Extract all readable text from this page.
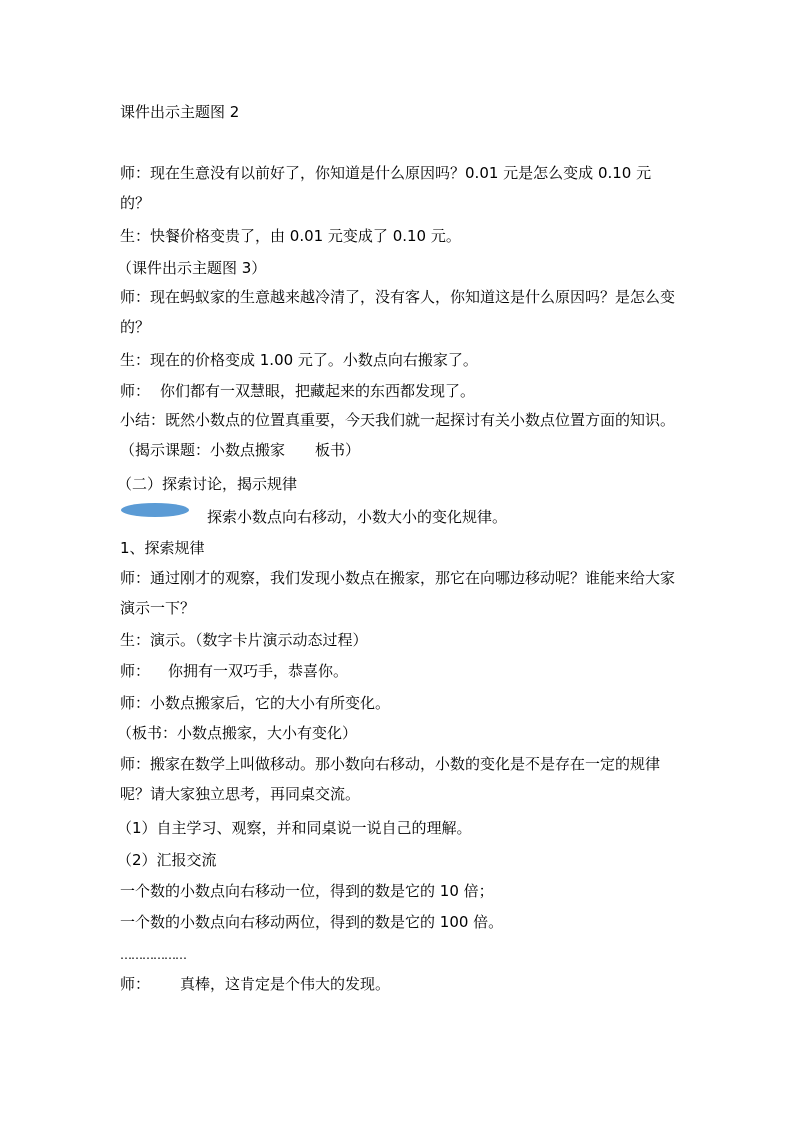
课件出示主题图 2
师：现在生意没有以前好了，你知道是什么原因吗？0.01 元是怎么变成 0.10 元的？
生：快餐价格变贵了，由 0.01 元变成了 0.10 元。
（课件出示主题图 3）
师：现在蚂蚁家的生意越来越冷清了，没有客人，你知道这是什么原因吗？是怎么变的？
生：现在的价格变成 1.00 元了。小数点向右搬家了。
师： 你们都有一双慧眼，把藏起来的东西都发现了。
小结：既然小数点的位置真重要，今天我们就一起探讨有关小数点位置方面的知识。（揭示课题：小数点搬家 板书）
（二）探索讨论，揭示规律
探索小数点向右移动，小数大小的变化规律。
1、探索规律
师：通过刚才的观察，我们发现小数点在搬家，那它在向哪边移动呢？谁能来给大家演示一下？
生：演示。（数字卡片演示动态过程）
师： 你拥有一双巧手，恭喜你。
师：小数点搬家后，它的大小有所变化。
（板书：小数点搬家，大小有变化）
师：搬家在数学上叫做移动。那小数向右移动，小数的变化是不是存在一定的规律呢？请大家独立思考，再同桌交流。
（1）自主学习、观察，并和同桌说一说自己的理解。
（2）汇报交流
一个数的小数点向右移动一位，得到的数是它的 10 倍；
一个数的小数点向右移动两位，得到的数是它的 100 倍。
………………
师： 真棒，这肯定是个伟大的发现。
